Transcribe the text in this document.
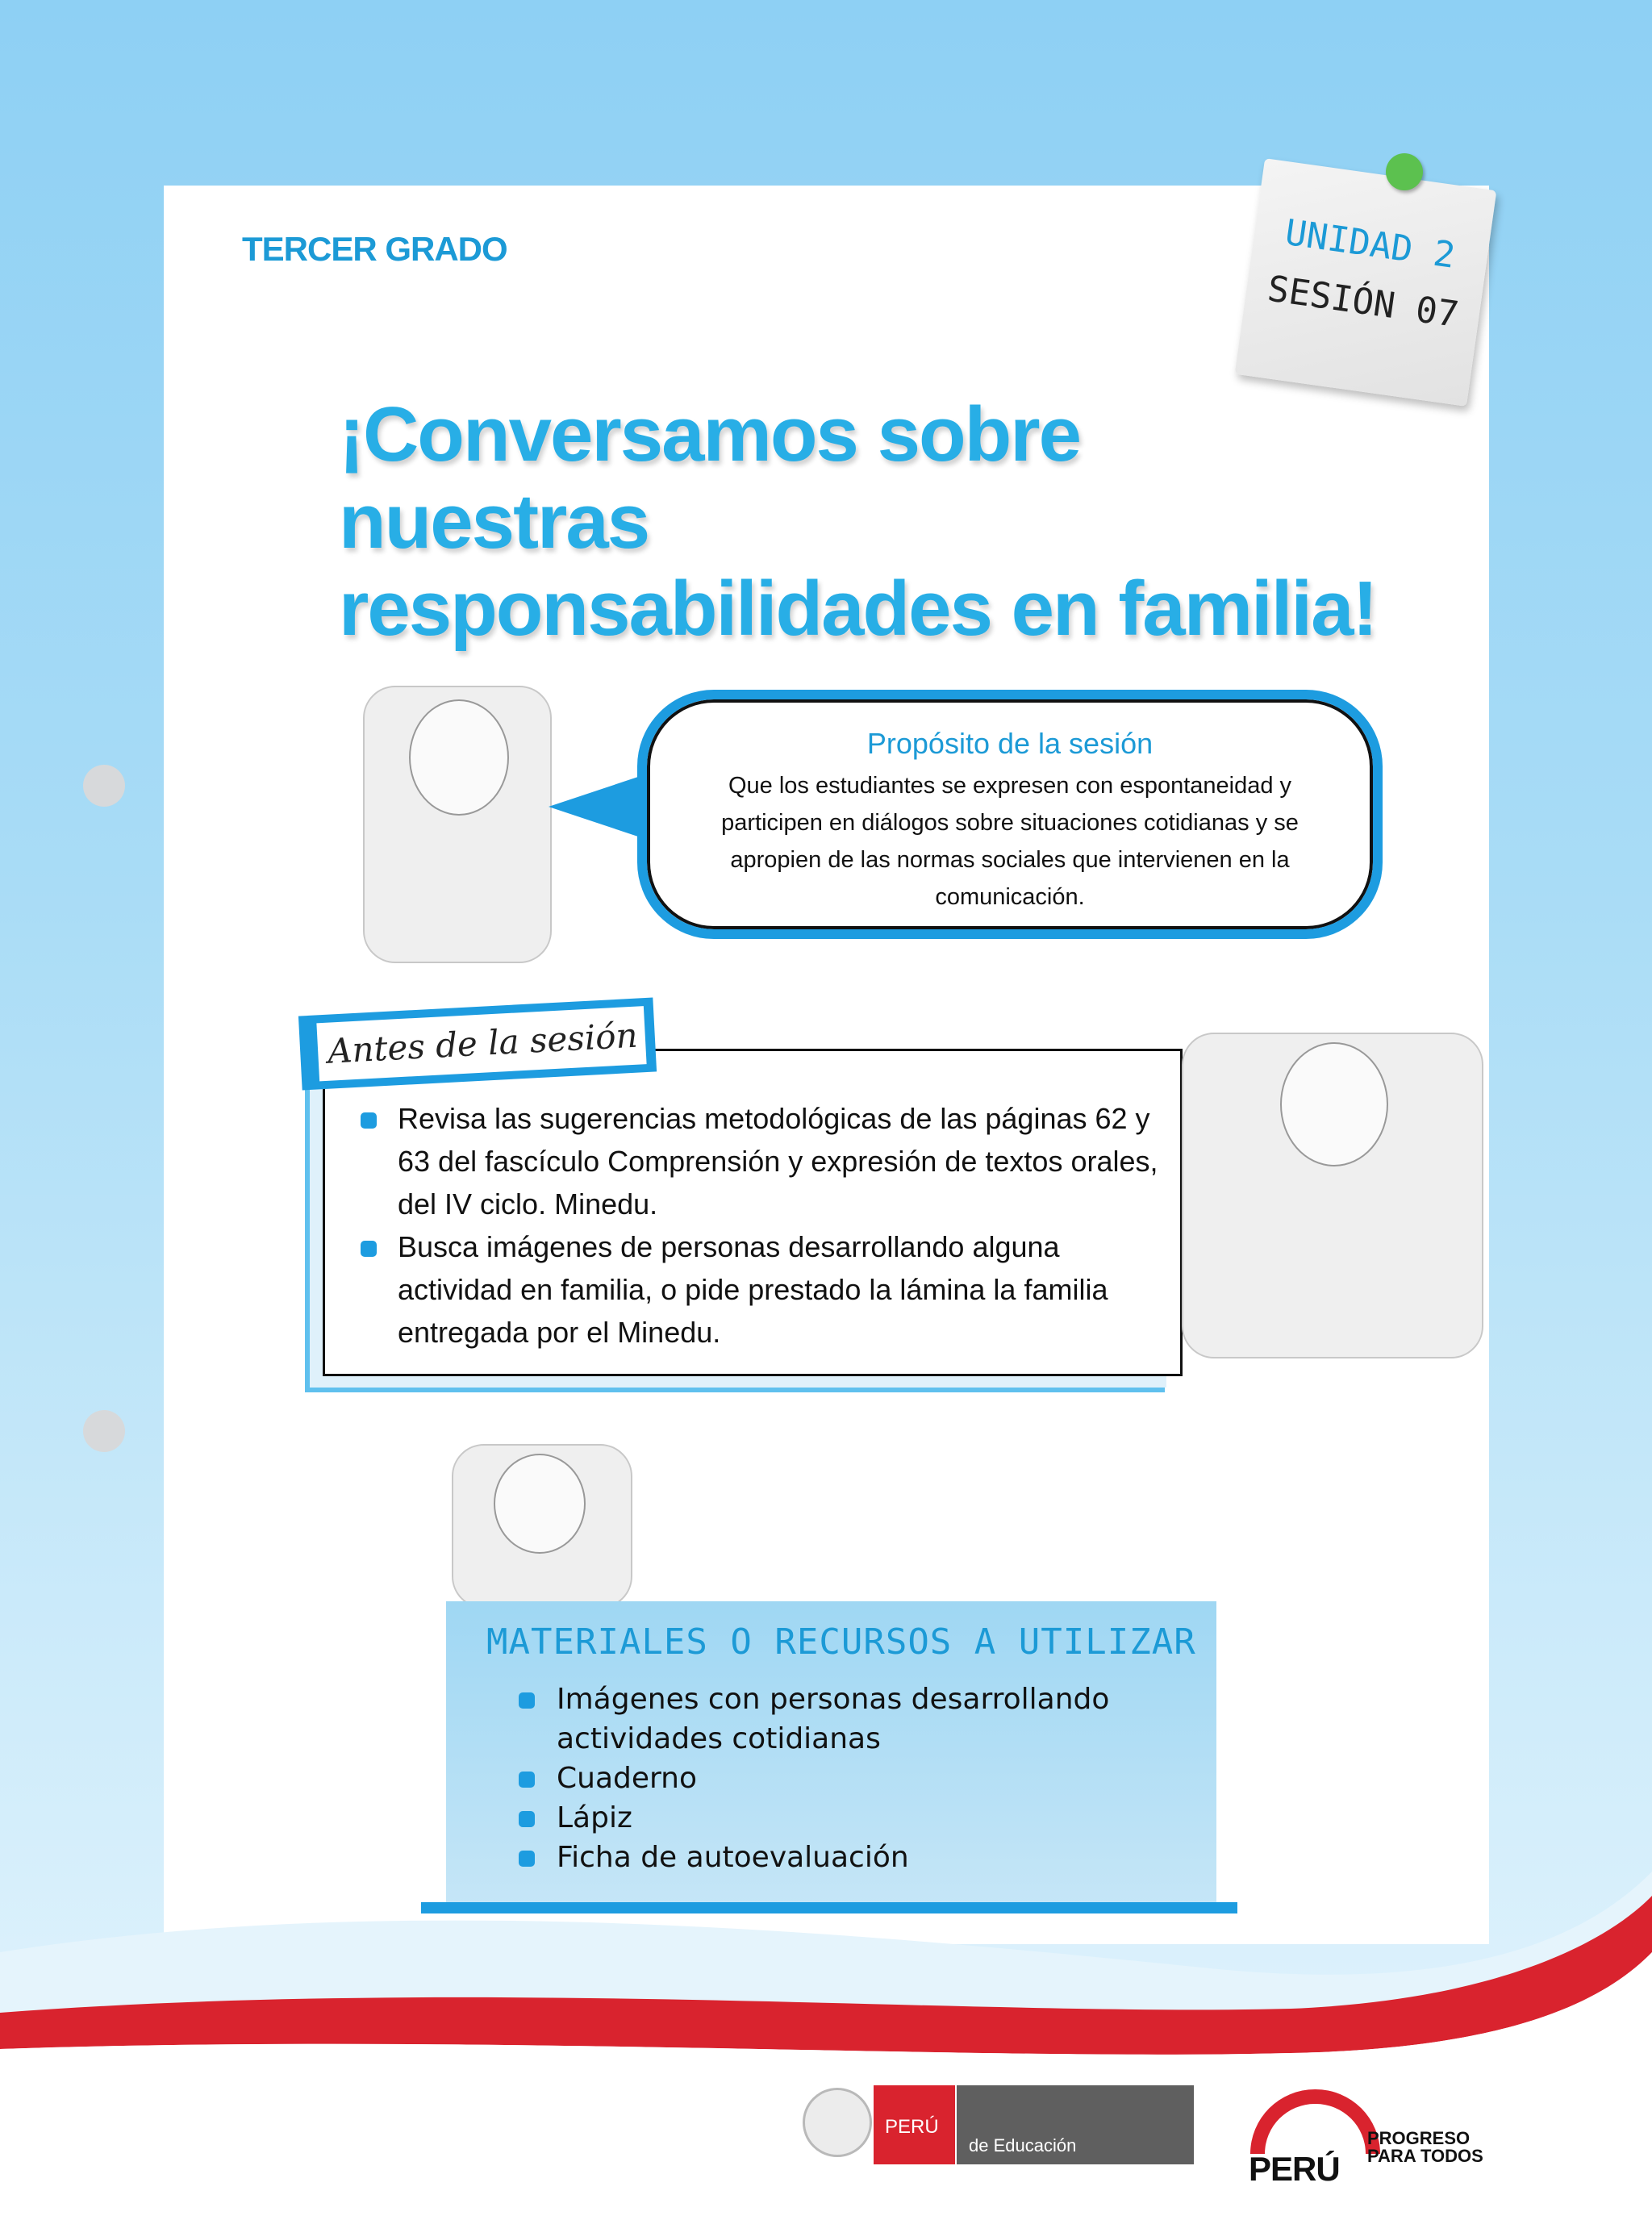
TERCER GRADO	UNIDAD 2
SESIÓN 07
¡Conversamos sobre nuestras
responsabilidades en familia!
Propósito de la sesión
Que los estudiantes se expresen con espontaneidad y participen en diálogos sobre situaciones cotidianas y se apropien de las normas sociales que intervienen en la comunicación.
Antes de la sesión
Revisa las sugerencias metodológicas de las páginas 62 y 63 del fascículo Comprensión y expresión de textos orales, del IV ciclo. Minedu.
Busca imágenes de personas desarrollando alguna actividad en familia, o pide prestado la lámina la familia entregada por el Minedu.
MATERIALES O RECURSOS A UTILIZAR
Imágenes con personas desarrollando actividades cotidianas
Cuaderno
Lápiz
Ficha de autoevaluación
PERÚ
de Educación
PERÚ
PROGRESO
PARA TODOS
